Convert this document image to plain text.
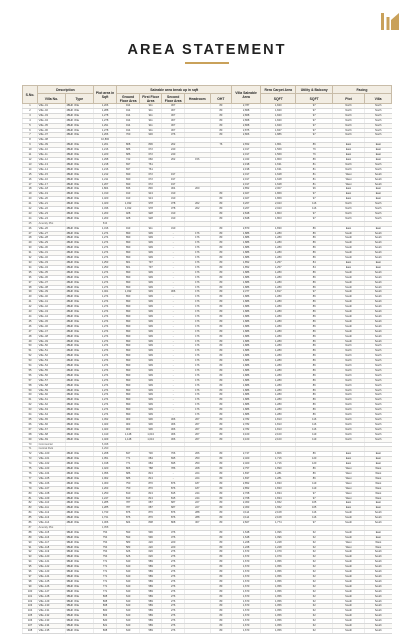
AREA STATEMENT
S.No.	Description		Plot area in Sqft	Saleable area break up in sqft					Villa Saleable Area	Rera Carpet Area	Utility & Balcony	Facing	
	Villa No.	Type		Ground Floor Area	First Floor Area	Second Floor Area	Headroom	OHT		SQFT	SQFT	Plot	Villa
1	Villa -01	4BHK Villa	1,206	914	911	307		80	2,787	1,840	97	North	North
2	Villa -02	4BHK Villa	1,288	914	911	307		80	2,868	1,840	97	North	North
3	Villa -03	4BHK Villa	1,278	914	911	307		80	2,868	1,840	97	North	North
4	Villa -04	4BHK Villa	1,278	914	911	307		80	2,868	1,840	97	North	North
5	Villa -05	4BHK Villa	1,291	914	911	307		80	2,868	1,840	97	North	North
6	Villa -06	4BHK Villa	1,278	914	911	307		80	2,875	1,847	97	North	North
7	Villa -07	4BHK Villa	1,266	760	930	376		80	2,806	1,886	97	North	North
8	Villa -08		10,800										
9	Villa -09	4BHK Villa	1,201	808	806	262		76	2,652	1,801	86	East	East
10	Villa -10	4BHK Villa	1,216	686	672	240			2,017	1,569	76	East	East
11	Villa -11	4BHK Villa	1,220	686	672	240			2,017	1,569	76	East	East
12	Villa -12	4BHK Villa	1,298	742	660	262	156		2,343	1,800	86	East	East
13	Villa -13	4BHK Villa	1,218	697	761				2,198	1,631	81	North	North
14	Villa -14	4BHK Villa	1,216	697	761				2,198	1,631	81	North	North
15	Villa -15	4BHK Villa	1,212	690	672	197			2,017	1,628	81	West	South
16	Villa -16	4BHK Villa	1,211	690	672	197			2,017	1,628	81	West	South
17	Villa -17	4BHK Villa	1,207	690	672	197			2,017	1,628	81	West	South
18	Villa -18	4BHK Villa	1,804	836	830	304	200		2,852	2,007	96	East	East
19	Villa -19	4BHK Villa	1,310	913	913	310		80	2,927	1,869	97	East	East
20	Villa -20	4BHK Villa	1,320	913	913	310		80	2,927	1,869	97	East	East
21	Villa -21	4BHK Villa	1,320	1,032	978	378	262	80	3,267	2,023	116	North	North
22	Villa -22	4BHK Villa	1,336	1,032	978	378	262	80	3,267	2,023	116	North	North
23	Villa -23	4BHK Villa	1,203	928	928	310		80	2,848	1,803	97	North	North
24	Villa -24	4BHK Villa	1,203	928	928	310		80	2,848	1,803	97	North	North
25	Amenity Plot		813										
26	Villa -26	4BHK Villa	1,316	913	911	310		80	2,870	1,830	86	East	East
27	Villa -27	4BHK Villa	1,274	890	909	-	176	80	1,886	1,280	86	South	South
28	Villa -28	4BHK Villa	1,274	890	909	-	176	80	1,886	1,280	86	South	South
29	Villa -29	4BHK Villa	1,274	890	909	-	176	80	1,886	1,280	86	South	South
30	Villa -30	4BHK Villa	1,274	890	909	-	176	80	1,886	1,280	86	South	South
31	Villa -31	4BHK Villa	1,274	890	909	-	176	80	1,886	1,280	86	South	South
32	Villa -32	4BHK Villa	1,274	890	909	-	176	80	1,886	1,280	86	South	South
33	Villa -33	4BHK Villa	1,253	801	797	-	176	80	1,852	1,257	84	East	East
34	Villa -34	4BHK Villa	1,253	801	797	-	176	80	1,852	1,257	84	East	East
35	Villa -35	4BHK Villa	1,274	890	909	-	176	80	1,886	1,280	86	South	South
36	Villa -36	4BHK Villa	1,274	890	909	-	176	80	1,886	1,280	86	South	South
37	Villa -37	4BHK Villa	1,274	890	909	-	176	80	1,886	1,280	86	South	South
38	Villa -38	4BHK Villa	1,274	890	909	-	176	80	1,886	1,280	86	South	South
39	Villa -39	4BHK Villa	1,461	1,032	939	306	176	80	2,377	1,817	97	South	South
40	Villa -40	4BHK Villa	1,274	890	909	-	176	80	1,886	1,280	86	South	South
41	Villa -41	4BHK Villa	1,274	890	909	-	176	80	1,886	1,280	86	South	South
42	Villa -42	4BHK Villa	1,274	890	909	-	176	80	1,886	1,280	86	South	South
43	Villa -43	4BHK Villa	1,274	890	909	-	176	80	1,886	1,280	86	South	South
44	Villa -44	4BHK Villa	1,274	890	909	-	176	80	1,886	1,280	86	South	South
45	Villa -45	4BHK Villa	1,274	890	909	-	176	80	1,886	1,280	86	South	South
46	Villa -46	4BHK Villa	1,274	890	909	-	176	80	1,886	1,280	86	South	South
47	Villa -47	4BHK Villa	1,274	890	909	-	176	80	1,886	1,280	86	South	South
48	Villa -48	4BHK Villa	1,274	890	909	-	176	80	1,886	1,280	86	South	South
49	Villa -49	4BHK Villa	1,274	890	909	-	176	80	1,886	1,280	86	South	South
50	Villa -50	4BHK Villa	1,274	890	909	-	176	80	1,886	1,280	86	North	North
51	Villa -51	4BHK Villa	1,274	890	909	-	176	80	1,886	1,280	86	North	North
52	Villa -52	4BHK Villa	1,274	890	909	-	176	80	1,886	1,280	86	North	North
53	Villa -53	4BHK Villa	1,274	890	909	-	176	80	1,886	1,280	86	North	North
54	Villa -54	4BHK Villa	1,274	890	909	-	176	80	1,886	1,280	86	North	North
55	Villa -55	4BHK Villa	1,274	890	909	-	176	80	1,886	1,280	86	North	North
56	Villa -56	4BHK Villa	1,274	890	909	-	176	80	1,886	1,280	86	North	North
57	Villa -57	4BHK Villa	1,274	890	909	-	176	80	1,886	1,280	86	North	North
58	Villa -58	4BHK Villa	1,274	890	909	-	176	80	1,886	1,280	86	North	North
59	Villa -59	4BHK Villa	1,274	890	909	-	176	80	1,886	1,280	86	North	North
60	Villa -60	4BHK Villa	1,274	890	909	-	176	80	1,886	1,280	86	North	North
61	Villa -61	4BHK Villa	1,274	890	909	-	176	80	1,886	1,280	86	North	North
62	Villa -62	4BHK Villa	1,274	890	909	-	176	80	1,886	1,280	86	North	North
63	Villa -63	4BHK Villa	1,274	890	909	-	176	80	1,886	1,280	86	North	North
64	Villa -64	4BHK Villa	1,274	890	909	-	176	80	1,886	1,280	86	North	North
65	Villa -65	4BHK Villa	1,452	903	906	306	267	80	2,782	1,813	116	North	North
66	Villa -66	4BHK Villa	1,403	903	906	306	267	80	2,782	1,813	116	North	North
67	Villa -67	4BHK Villa	1,403	903	906	306	267	80	2,782	1,813	116	North	North
68	Villa -68	4BHK Villa	1,410	1,148	1,013	306	267	80	3,160	2,100	119	North	North
69	Villa -69	4BHK Villa	1,409	1,148	1,013	306	267	80	3,160	2,100	119	North	North
70	Commercial		6,498										
71	Central Park		4,290										
72	Villa -100	4BHK Villa	1,268	847	730	766	266	80	2,747	1,806	86	East	East
73	Villa -101	4BHK Villa	1,051	771	684	695	250	80	2,400	1,716	120	East	East
74	Villa -102	4BHK Villa	1,018	771	684	695	250	80	2,400	1,716	120	East	East
75	Villa -103	4BHK Villa	1,020	806	788	786	208	80	2,757	1,890	86	West	West
76	Villa -104	4BHK Villa	1,056	686	813	-	224	80	1,837	1,281	86	West	West
77	Villa -105	4BHK Villa	1,062	686	813	-	224	80	1,837	1,281	86	West	West
78	Villa -106	4BHK Villa	1,300	750	870	876	187	80	2,852	1,833	119	West	West
79	Villa -107	4BHK Villa	1,263	750	870	876	187	80	2,852	1,833	119	West	West
80	Villa -108	4BHK Villa	1,250	810	813	815	244	80	2,768	1,834	97	West	West
81	Villa -109	4BHK Villa	1,247	810	813	815	244	80	2,768	1,834	97	West	West
82	Villa -110	4BHK Villa	1,285	787	687	687	227	80	2,363	1,652	105	East	East
83	Villa -111	4BHK Villa	1,285	787	687	687	227	80	2,363	1,652	105	East	East
84	Villa -112	4BHK Villa	1,733	876	876	876	288	80	3,114	2,108	116	South	South
85	Villa -113	4BHK Villa	1,731	876	876	876	288	80	3,114	2,108	116	South	South
86	Villa -114	4BHK Villa	1,306	824	808	808	307	80	2,827	1,774	97	South	South
87	Amenity Plot		1,058										
88	Villa -115	3BHK Villa	754	593	596	376		80	1,648	1,096	62	South	East
89	Villa -116	3BHK Villa	754	593	596	376		80	1,648	1,096	62	South	East
90	Villa -117	3BHK Villa	754	583	220	220		80	1,228	1,228	62	West	West
91	Villa -118	3BHK Villa	754	583	220	220		80	1,228	1,228	62	West	West
92	Villa -119	3BHK Villa	754	626	626	276		80	1,673	1,079	62	South	South
93	Villa -120	3BHK Villa	754	626	626	276		80	1,673	1,079	62	South	South
94	Villa -121	3BHK Villa	771	640	589	276		80	1,670	1,056	62	South	South
95	Villa -122	3BHK Villa	771	640	589	276		80	1,670	1,056	62	South	South
96	Villa -123	3BHK Villa	771	640	589	276		80	1,670	1,056	62	South	South
97	Villa -124	3BHK Villa	771	640	589	276		80	1,670	1,056	62	South	South
98	Villa -125	3BHK Villa	771	640	589	276		80	1,670	1,056	62	South	South
99	Villa -126	3BHK Villa	771	640	589	276		80	1,670	1,056	62	South	South
100	Villa -127	3BHK Villa	771	640	589	276		80	1,670	1,056	62	South	South
101	Villa -128	3BHK Villa	808	640	589	276		80	1,670	1,056	62	South	South
102	Villa -129	3BHK Villa	808	640	589	276		80	1,670	1,056	62	South	South
103	Villa -130	3BHK Villa	808	640	589	276		80	1,670	1,056	62	South	South
104	Villa -131	3BHK Villa	800	640	589	276		80	1,670	1,056	62	South	South
105	Villa -132	3BHK Villa	806	640	589	276		80	1,670	1,056	62	South	South
106	Villa -133	3BHK Villa	820	640	589	276		80	1,670	1,056	62	South	South
107	Villa -134	3BHK Villa	821	640	589	276		80	1,670	1,056	62	South	South
108	Villa -135	3BHK Villa	808	640	589	276		80	1,670	1,056	62	South	South
